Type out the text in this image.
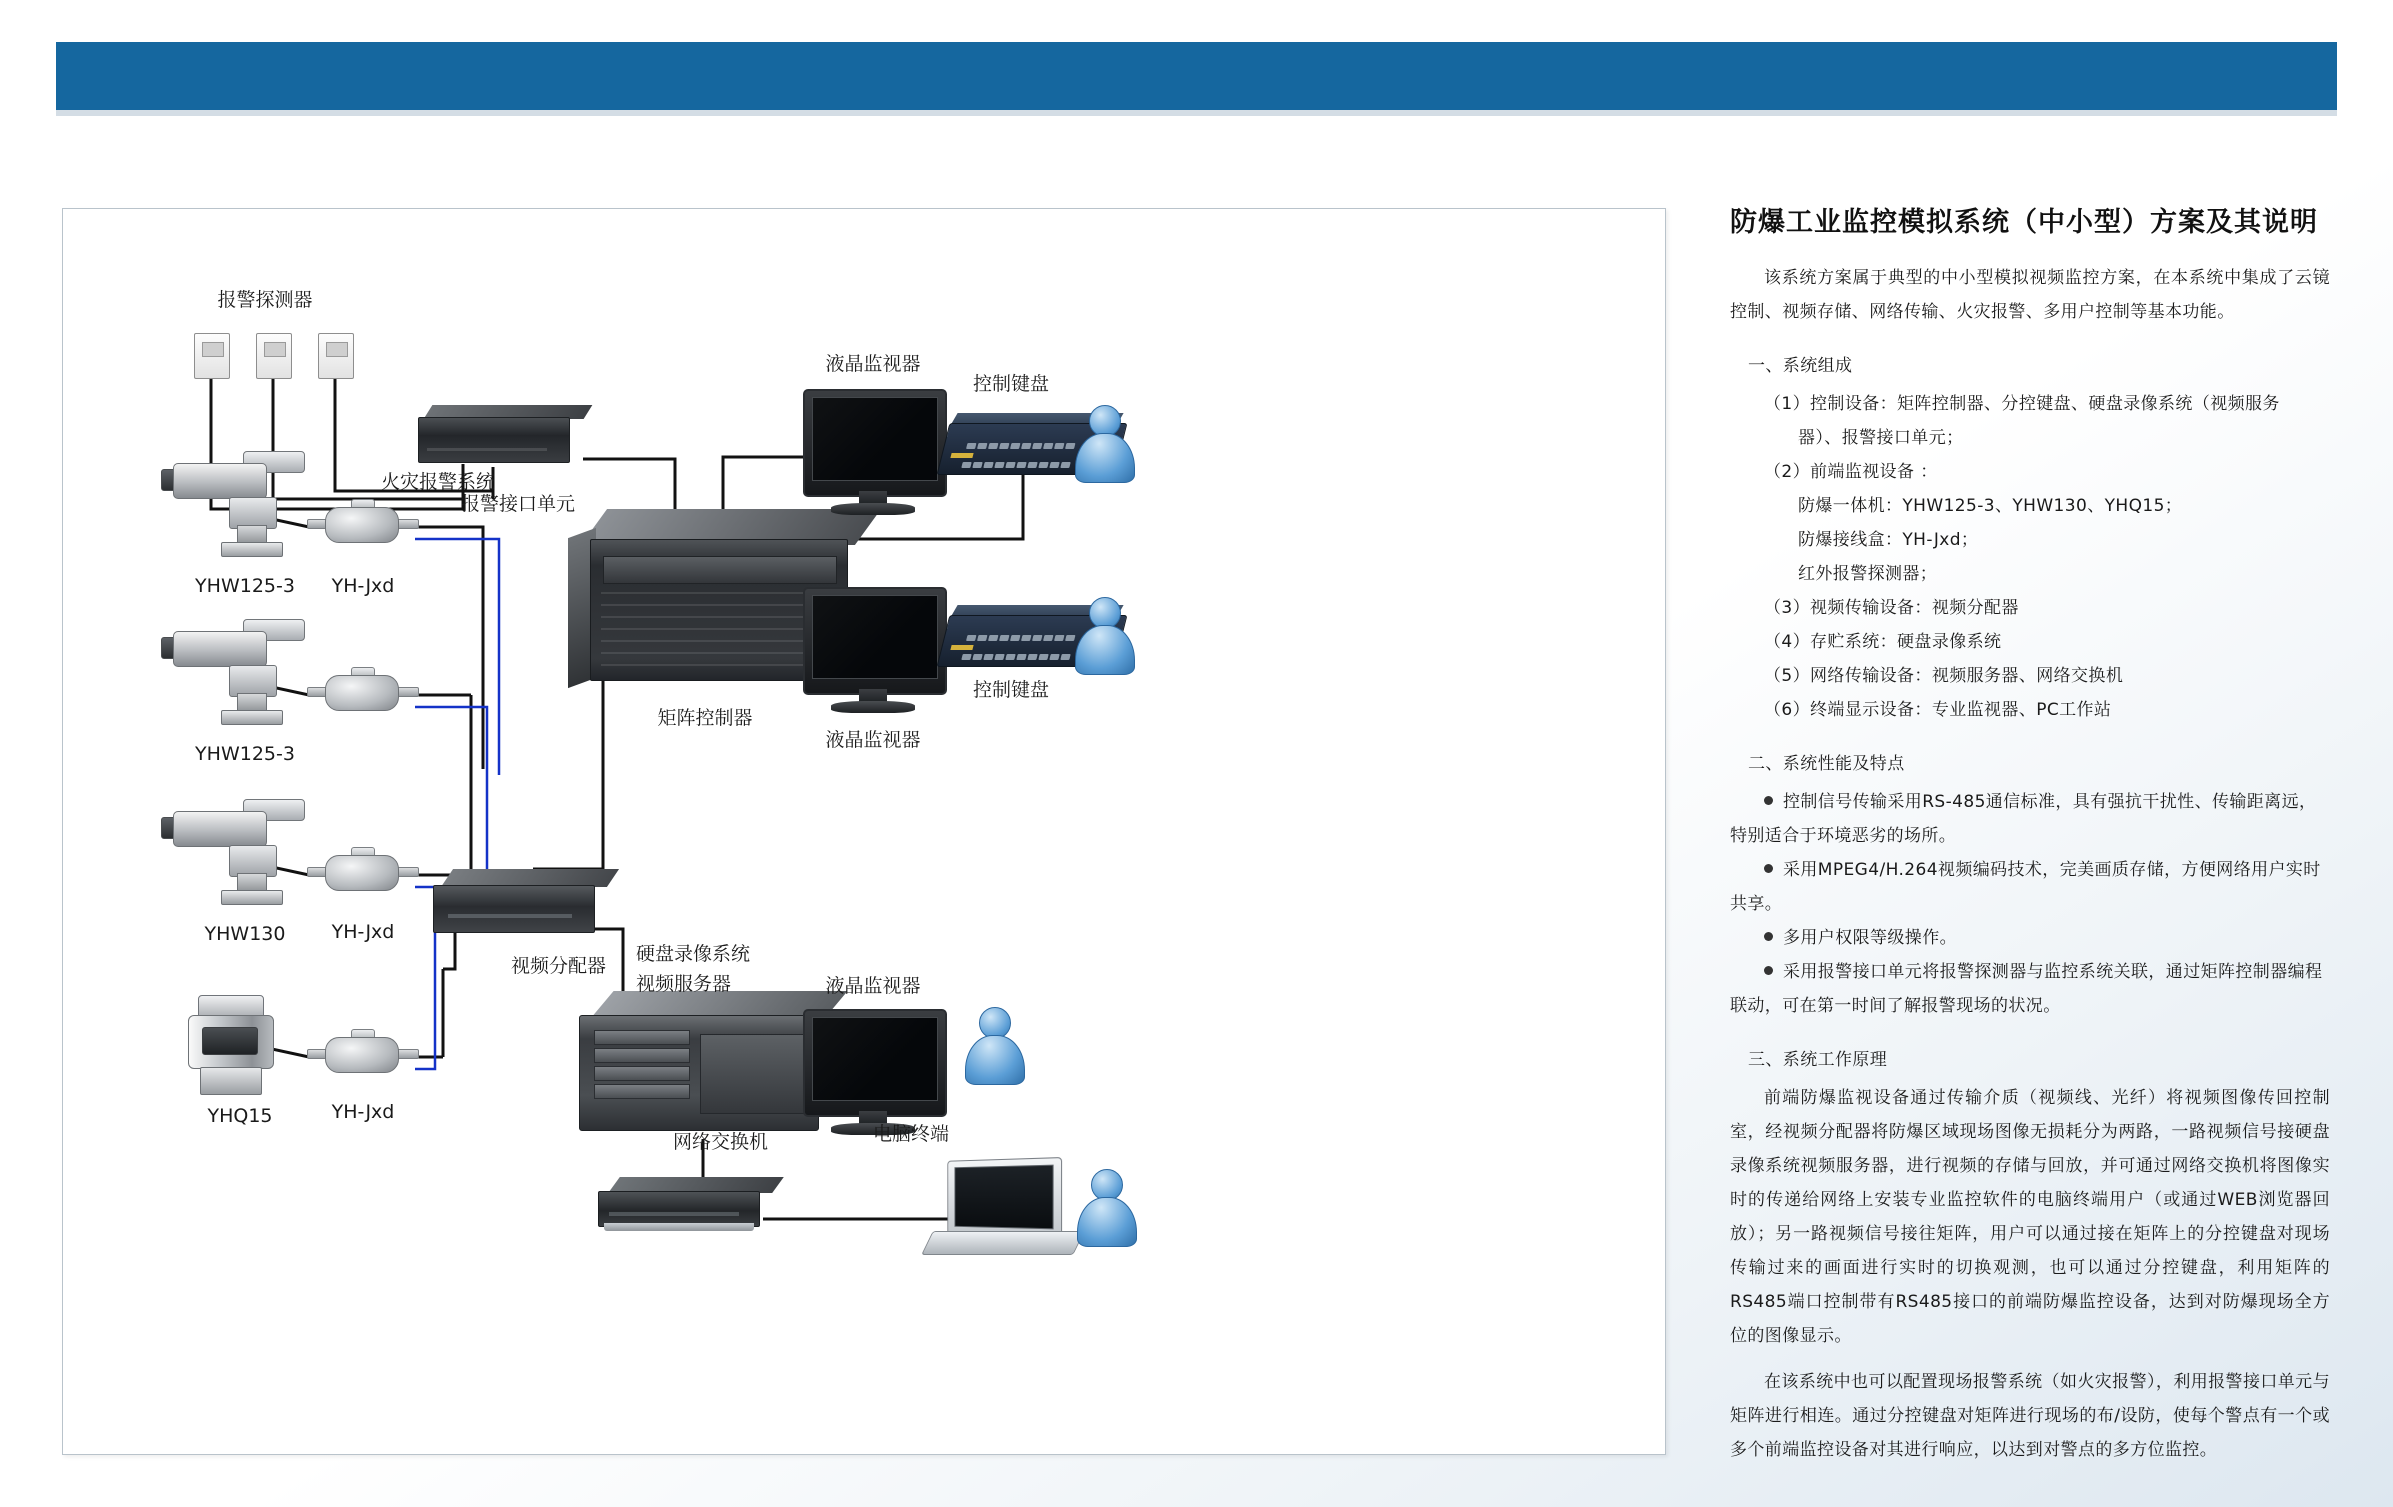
报警探测器
火灾报警系统
报警接口单元
YHW125-3
YHW125-3
YHW130
YHQ15
YH-Jxd
YH-Jxd
YH-Jxd
矩阵控制器
视频分配器
硬盘录像系统
视频服务器
液晶监视器
液晶监视器
液晶监视器

控制键盘

控制键盘
网络交换机	电脑终端
防爆工业监控模拟系统（中小型）方案及其说明

该系统方案属于典型的中小型模拟视频监控方案，在本系统中集成了云镜控制、视频存储、网络传输、火灾报警、多用户控制等基本功能。

一、系统组成

（1）控制设备：矩阵控制器、分控键盘、硬盘录像系统（视频服务

器）、报警接口单元；

（2）前端监视设备 ：

防爆一体机：YHW125-3、YHW130、YHQ15；

防爆接线盒：YH-Jxd；

红外报警探测器；

（3）视频传输设备：视频分配器

（4）存贮系统：硬盘录像系统

（5）网络传输设备：视频服务器、网络交换机

（6）终端显示设备：专业监视器、PC工作站

二、系统性能及特点

控制信号传输采用RS-485通信标准，具有强抗干扰性、传输距离远，特别适合于环境恶劣的场所。

采用MPEG4/H.264视频编码技术，完美画质存储，方便网络用户实时共享。

多用户权限等级操作。

采用报警接口单元将报警探测器与监控系统关联，通过矩阵控制器编程联动，可在第一时间了解报警现场的状况。

三、系统工作原理

前端防爆监视设备通过传输介质（视频线、光纤）将视频图像传回控制室，经视频分配器将防爆区域现场图像无损耗分为两路，一路视频信号接硬盘录像系统视频服务器，进行视频的存储与回放，并可通过网络交换机将图像实时的传递给网络上安装专业监控软件的电脑终端用户（或通过WEB浏览器回放）；另一路视频信号接往矩阵，用户可以通过接在矩阵上的分控键盘对现场传输过来的画面进行实时的切换观测，也可以通过分控键盘，利用矩阵的RS485端口控制带有RS485接口的前端防爆监控设备，达到对防爆现场全方位的图像显示。

在该系统中也可以配置现场报警系统（如火灾报警），利用报警接口单元与矩阵进行相连。通过分控键盘对矩阵进行现场的布/设防，使每个警点有一个或多个前端监控设备对其进行响应，以达到对警点的多方位监控。
